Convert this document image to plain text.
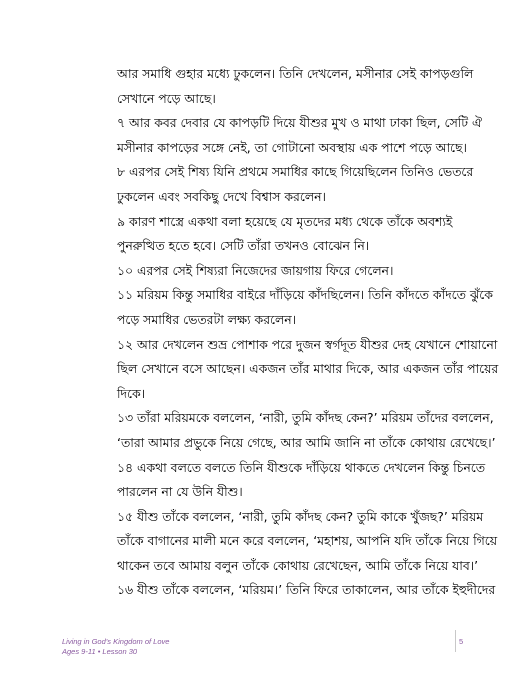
আর সমাধি গুহার মধ্যে ঢুকলেন। তিনি দেখলেন, মসীনার সেই কাপড়গুলি

সেখানে পড়ে আছে।

৭ আর কবর দেবার যে কাপড়টি দিয়ে যীশুর মুখ ও মাথা ঢাকা ছিল, সেটি ঐ

মসীনার কাপড়ের সঙ্গে নেই, তা গোটানো অবস্থায় এক পাশে পড়ে আছে।

৮ এরপর সেই শিষ্য যিনি প্রথমে সমাধির কাছে গিয়েছিলেন তিনিও ভেতরে

ঢুকলেন এবং সবকিছু দেখে বিশ্বাস করলেন।

৯ কারণ শাস্ত্রে একথা বলা হয়েছে যে মৃতদের মধ্য থেকে তাঁকে অবশ্যই

পুনরুত্থিত হতে হবে। সেটি তাঁরা তখনও বোঝেন নি।

১০ এরপর সেই শিষ্যরা নিজেদের জায়গায় ফিরে গেলেন।

১১ মরিয়ম কিন্তু সমাধির বাইরে দাঁড়িয়ে কাঁদছিলেন। তিনি কাঁদতে কাঁদতে ঝুঁকে

পড়ে সমাধির ভেতরটা লক্ষ্য করলেন।

১২ আর দেখলেন শুভ্র পোশাক পরে দুজন স্বর্গদূত যীশুর দেহ যেখানে শোয়ানো

ছিল সেখানে বসে আছেন। একজন তাঁর মাথার দিকে, আর একজন তাঁর পায়ের

দিকে।

১৩ তাঁরা মরিয়মকে বললেন, ‘নারী, তুমি কাঁদছ কেন?’ মরিয়ম তাঁদের বললেন,

‘তারা আমার প্রভুকে নিয়ে গেছে, আর আমি জানি না তাঁকে কোথায় রেখেছে।’

১৪ একথা বলতে বলতে তিনি যীশুকে দাঁড়িয়ে থাকতে দেখলেন কিন্তু চিনতে

পারলেন না যে উনি যীশু।

১৫ যীশু তাঁকে বললেন, ‘নারী, তুমি কাঁদছ কেন? তুমি কাকে খুঁজছ?’ মরিয়ম

তাঁকে বাগানের মালী মনে করে বললেন, ‘মহাশয়, আপনি যদি তাঁকে নিয়ে গিয়ে

থাকেন তবে আমায় বলুন তাঁকে কোথায় রেখেছেন, আমি তাঁকে নিয়ে যাব।’

১৬ যীশু তাঁকে বললেন, ‘মরিয়ম।’ তিনি ফিরে তাকালেন, আর তাঁকে ইহুদীদের

Living in God’s Kingdom of Love
Ages 9-11 • Lesson 30
5
